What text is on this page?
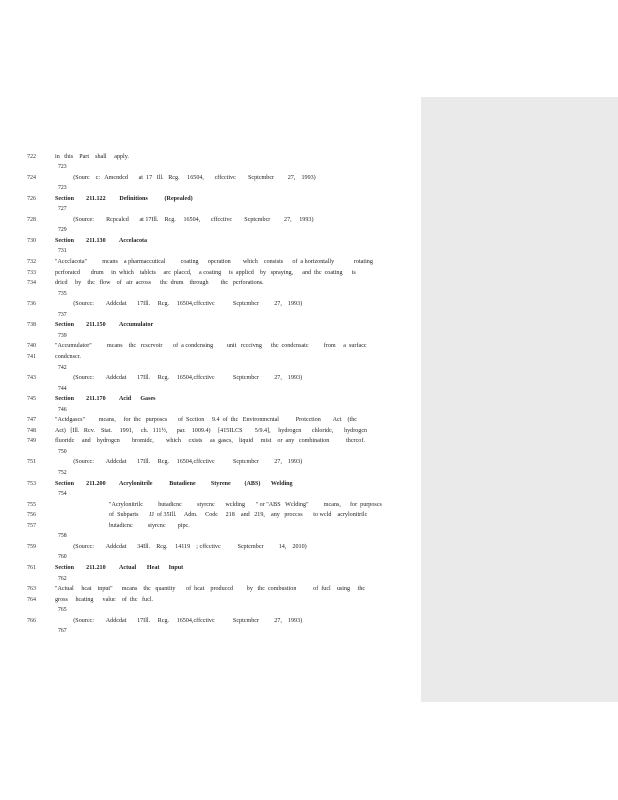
722	in   this    Part    shall     apply.
723
724	(Sourc    c:   Amcndcd       at  17   Ill.   Rcg.     16504,       cffcctivc        Scptcmbcr         27,    1993)
723
726	Section        211.122         Definitions           (Repealed)
727
728	(Source:        Rcpcalcd       at 17Ill.    Rcg.     16504,       cffcctivc        Scptcmbcr         27,     1993)
729
730	Section        211.130         Accelacota
731
732	"Accclacota"          mcans    a pharmaccutical          coating      opcration        which    consists      of  a horizontally             rotating
733	pcrforatcd       drum     in  which    tablcts     arc  placcd,     a coating     is  applicd    by   spraying,      and  thc  coating      is
734	dricd     by    thc   flow    of   air  across      thc  drum    through        thc   pcrforations.
735
736	(Sourcc:        Addcdat       17Ill.     Rcg.     16504,cffcctivc            Scptcmbcr          27,    1993)
737
738	Section        211.150         Accumulator
739
740	"Accumulator"          mcans    thc   rcscrvoir       of  a condcnsing         unit   rcccivng      thc  condcnsatc          from     a  surfacc
741	condcnscr.
742
743	(Sourcc:        Addcdat       17Ill.     Rcg.     16504,cffcctivc            Scptcmbcr          27,    1993)
744
745	Section        211.170         Acid      Gases
746
747	"Acidgascs"         mcans,     for  thc   purposcs       of  Scction     9.4  of  thc   Environmcntal           Protcction        Act    (thc
748	Act)   [Ill.   Rcv.    Stat.     1991,     ch.   111½,      par.    1009.4)     [415ILCS        5/9.4],     hydrogcn       chloridc,       hydrogcn
749	fluoridc     and    hydrogcn        bromidc,        which     cxists     as  gascs,    liquid     mist    or  any   combination           thcrcof.
750
751	(Sourcc:        Addcdat       17Ill.     Rcg.     16504,cffcctivc            Scptcmbcr          27,    1993)
752
753	Section        211.200         Acrylonitrile           Butadiene          Styrene         (ABS)       Welding
754
755	"Acrylonitrilc          butadicnc          styrcnc       wclding       " or "ABS   Wclding"          mcans,      for  purposcs
756	of  Subparts       JJ  of 35Ill.     Adm.     Codc     218    and   219,    any   proccss       to wcld    acrylonitrilc
757	butadicnc          styrcnc        pipc.
758
759	(Sourcc:        Addcdat       34Ill.    Rcg.     14119    ; cffcctivc           Scptcmbcr          14,    2010)
760
761	Section        211.210         Actual       Heat      Input
762
763	"Actual     hcat    input"      mcans    thc   quantity       of  hcat    produccd         by   thc  combustion           of  fucl    using     thc
764	gross     hcating      valuc    of  thc   fucl.
765
766	(Sourcc:        Addcdat       17Ill.     Rcg.     16504,cffcctivc            Scptcmbcr          27,    1993)
767
